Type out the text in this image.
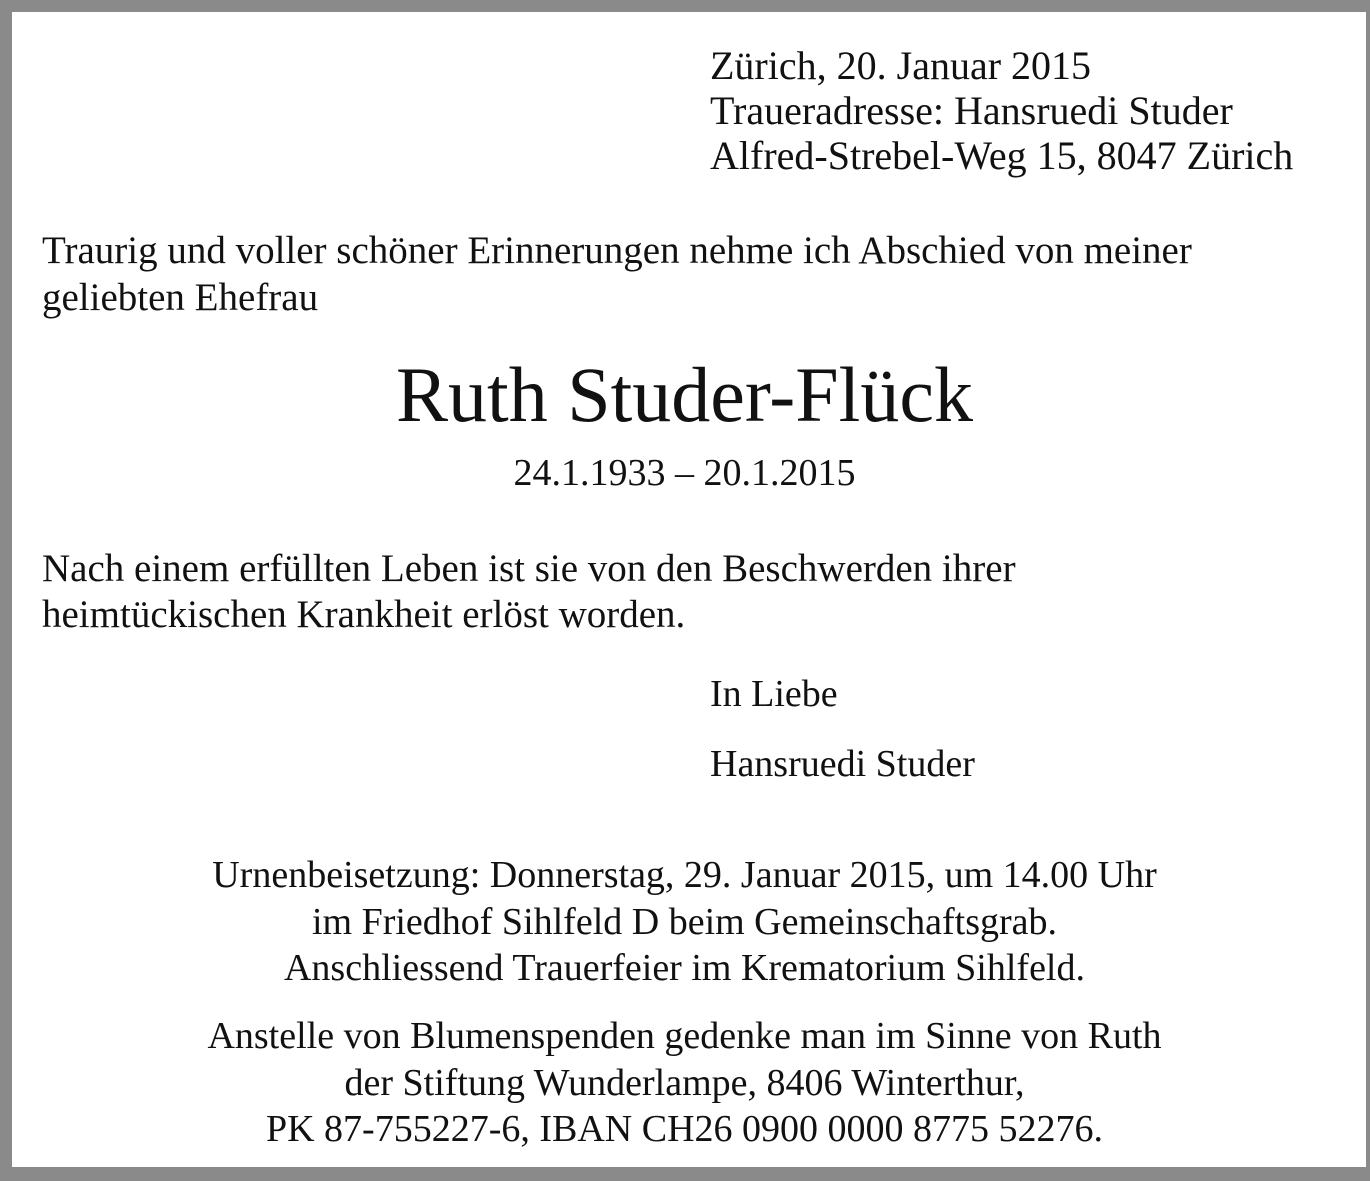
Zürich, 20. Januar 2015
Traueradresse: Hansruedi Studer
Alfred-Strebel-Weg 15, 8047 Zürich
Traurig und voller schöner Erinnerungen nehme ich Abschied von meiner
geliebten Ehefrau
Ruth Studer-Flück
24.1.1933 – 20.1.2015
Nach einem erfüllten Leben ist sie von den Beschwerden ihrer
heimtückischen Krankheit erlöst worden.
In Liebe
Hansruedi Studer
Urnenbeisetzung: Donnerstag, 29. Januar 2015, um 14.00 Uhr
im Friedhof Sihlfeld D beim Gemeinschaftsgrab.
Anschliessend Trauerfeier im Krematorium Sihlfeld.
Anstelle von Blumenspenden gedenke man im Sinne von Ruth
der Stiftung Wunderlampe, 8406 Winterthur,
PK 87-755227-6, IBAN CH26 0900 0000 8775 52276.
